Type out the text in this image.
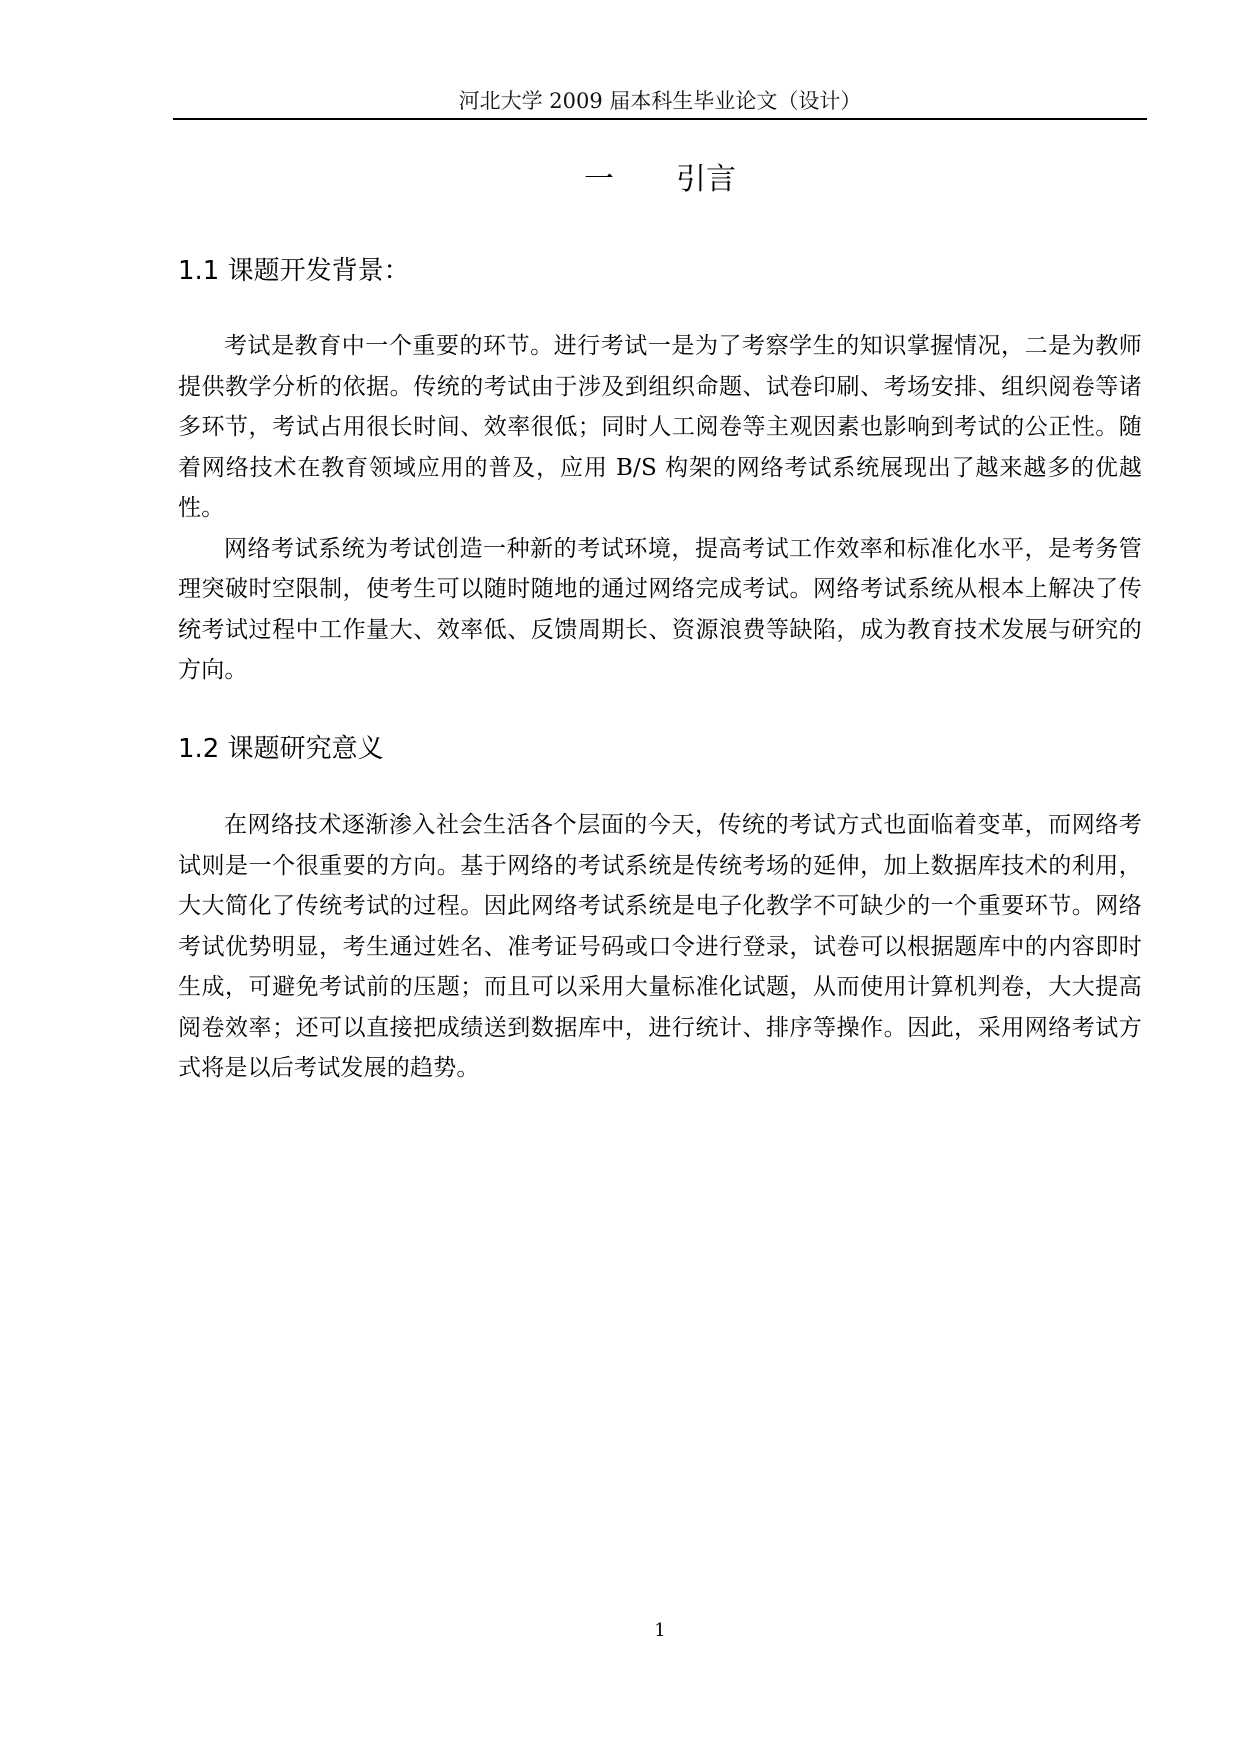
河北大学 2009 届本科生毕业论文（设计）
一 引言
1.1 课题开发背景：

考试是教育中一个重要的环节。进行考试一是为了考察学生的知识掌握情况，二是为教师提供教学分析的依据。传统的考试由于涉及到组织命题、试卷印刷、考场安排、组织阅卷等诸多环节，考试占用很长时间、效率很低；同时人工阅卷等主观因素也影响到考试的公正性。随着网络技术在教育领域应用的普及，应用 B/S 构架的网络考试系统展现出了越来越多的优越性。

网络考试系统为考试创造一种新的考试环境，提高考试工作效率和标准化水平，是考务管理突破时空限制，使考生可以随时随地的通过网络完成考试。网络考试系统从根本上解决了传统考试过程中工作量大、效率低、反馈周期长、资源浪费等缺陷，成为教育技术发展与研究的方向。

1.2 课题研究意义

在网络技术逐渐渗入社会生活各个层面的今天，传统的考试方式也面临着变革，而网络考试则是一个很重要的方向。基于网络的考试系统是传统考场的延伸，加上数据库技术的利用，大大简化了传统考试的过程。因此网络考试系统是电子化教学不可缺少的一个重要环节。网络考试优势明显，考生通过姓名、准考证号码或口令进行登录，试卷可以根据题库中的内容即时生成，可避免考试前的压题；而且可以采用大量标准化试题，从而使用计算机判卷，大大提高阅卷效率；还可以直接把成绩送到数据库中，进行统计、排序等操作。因此，采用网络考试方式将是以后考试发展的趋势。

1
